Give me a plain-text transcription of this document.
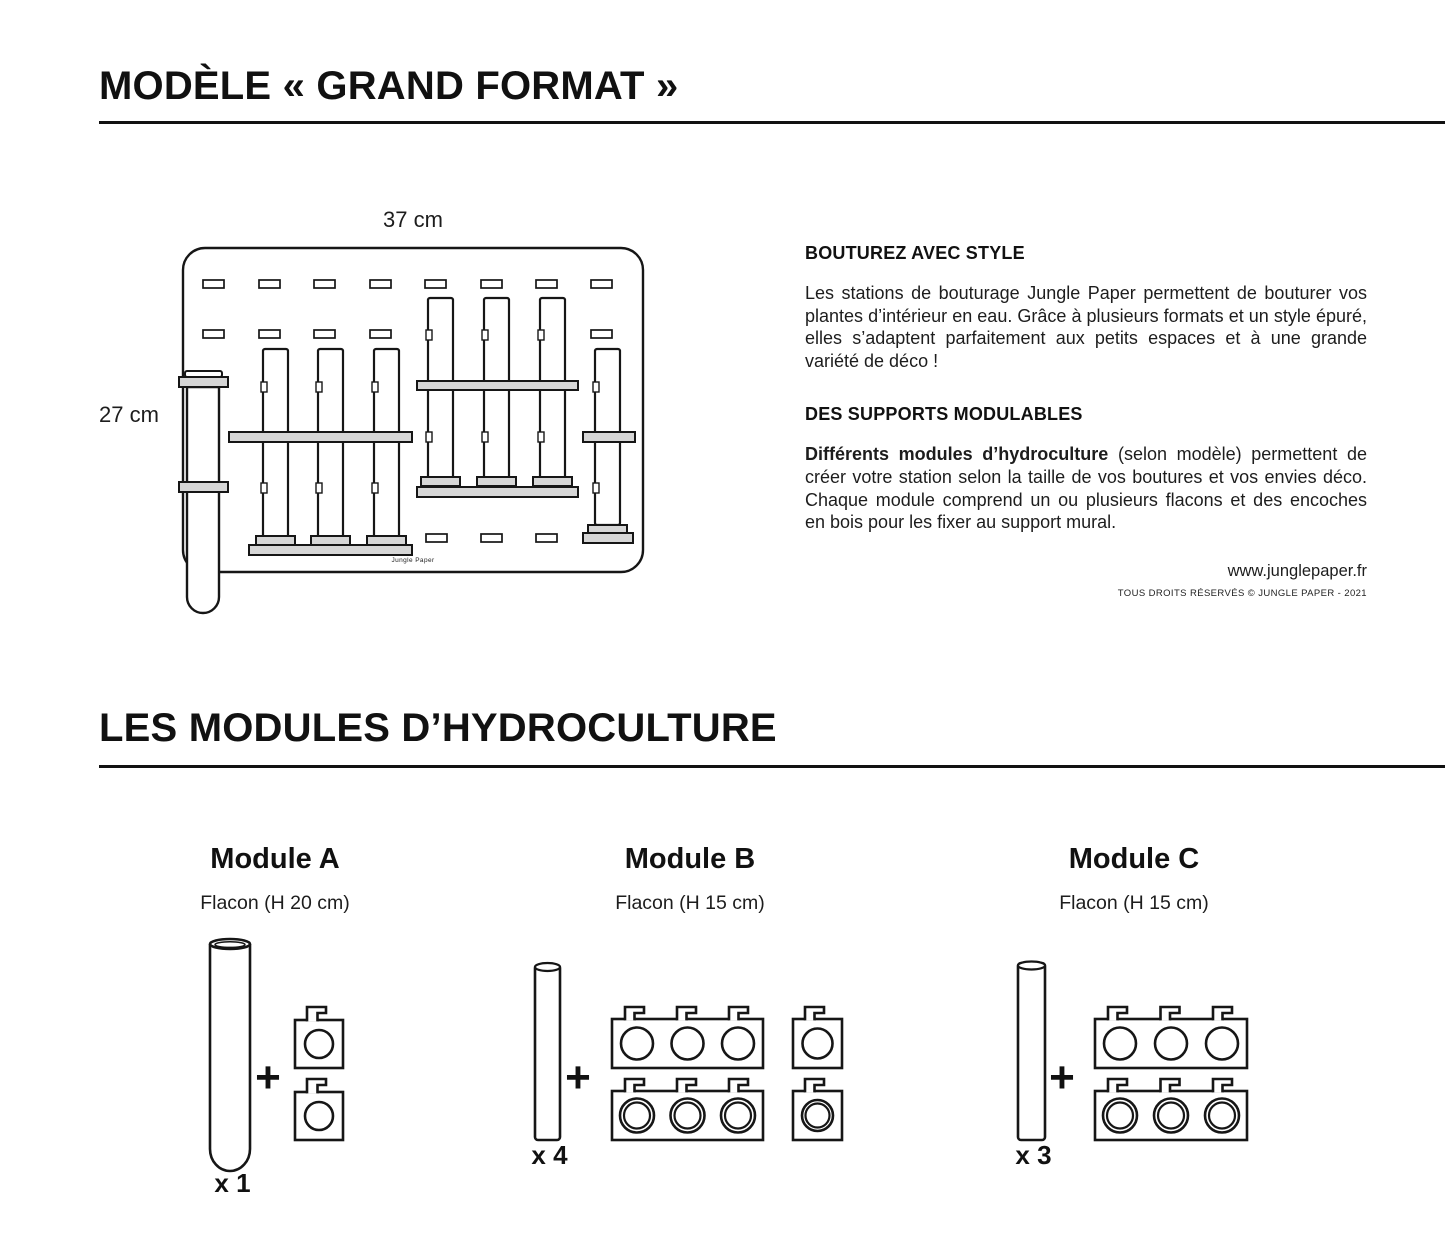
MODÈLE « GRAND FORMAT »
37 cm
27 cm
Jungle Paper
BOUTUREZ AVEC STYLE
Les stations de bouturage Jungle Paper permettent de bouturer vos plantes d’intérieur en eau. Grâce à plusieurs formats et un style épuré, elles s’adaptent parfaitement aux petits espaces et à une grande variété de déco !
DES SUPPORTS MODULABLES
Différents modules d’hydroculture (selon modèle) permettent de créer votre station selon la taille de vos boutures et vos envies déco. Chaque module comprend un ou plusieurs flacons et des encoches en bois pour les fixer au support mural.
www.junglepaper.fr
TOUS DROITS RÉSERVÉS © JUNGLE PAPER - 2021
LES MODULES D’HYDROCULTURE
Module A
Flacon (H 20 cm)
+
x 1
Module B
Flacon (H 15 cm)
+
x 4
Module C
Flacon (H 15 cm)
+
x 3
